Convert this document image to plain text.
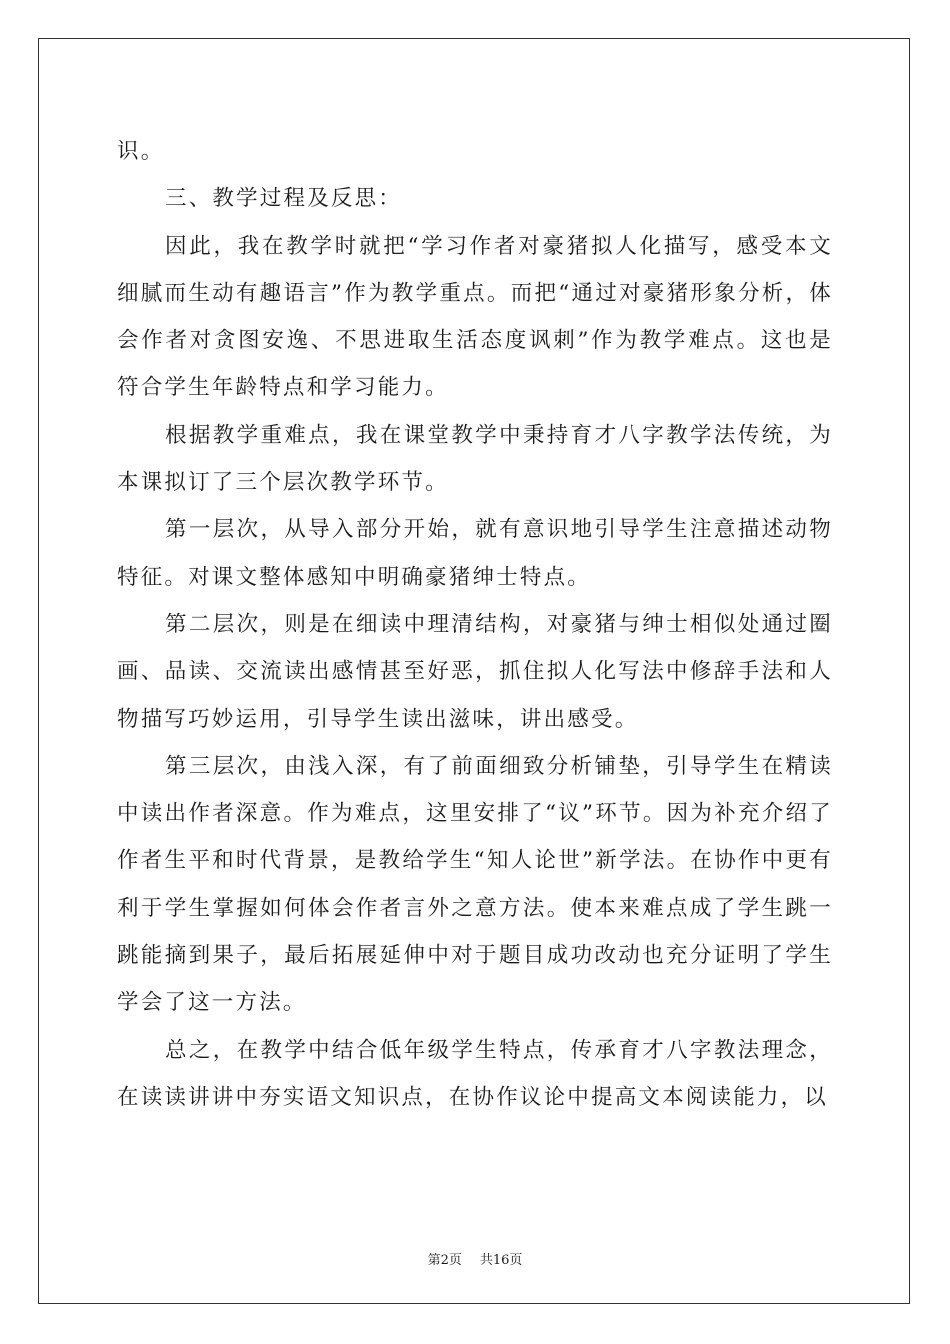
识。

三、教学过程及反思：

因此，我在教学时就把“学习作者对豪猪拟人化描写，感受本文细腻而生动有趣语言”作为教学重点。而把“通过对豪猪形象分析，体会作者对贪图安逸、不思进取生活态度讽刺”作为教学难点。这也是符合学生年龄特点和学习能力。

根据教学重难点，我在课堂教学中秉持育才八字教学法传统，为本课拟订了三个层次教学环节。

第一层次，从导入部分开始，就有意识地引导学生注意描述动物特征。对课文整体感知中明确豪猪绅士特点。

第二层次，则是在细读中理清结构，对豪猪与绅士相似处通过圈画、品读、交流读出感情甚至好恶，抓住拟人化写法中修辞手法和人物描写巧妙运用，引导学生读出滋味，讲出感受。

第三层次，由浅入深，有了前面细致分析铺垫，引导学生在精读中读出作者深意。作为难点，这里安排了“议”环节。因为补充介绍了作者生平和时代背景，是教给学生“知人论世”新学法。在协作中更有利于学生掌握如何体会作者言外之意方法。使本来难点成了学生跳一跳能摘到果子，最后拓展延伸中对于题目成功改动也充分证明了学生学会了这一方法。

总之，在教学中结合低年级学生特点，传承育才八字教法理念，在读读讲讲中夯实语文知识点，在协作议论中提高文本阅读能力，以

第2页 共16页
